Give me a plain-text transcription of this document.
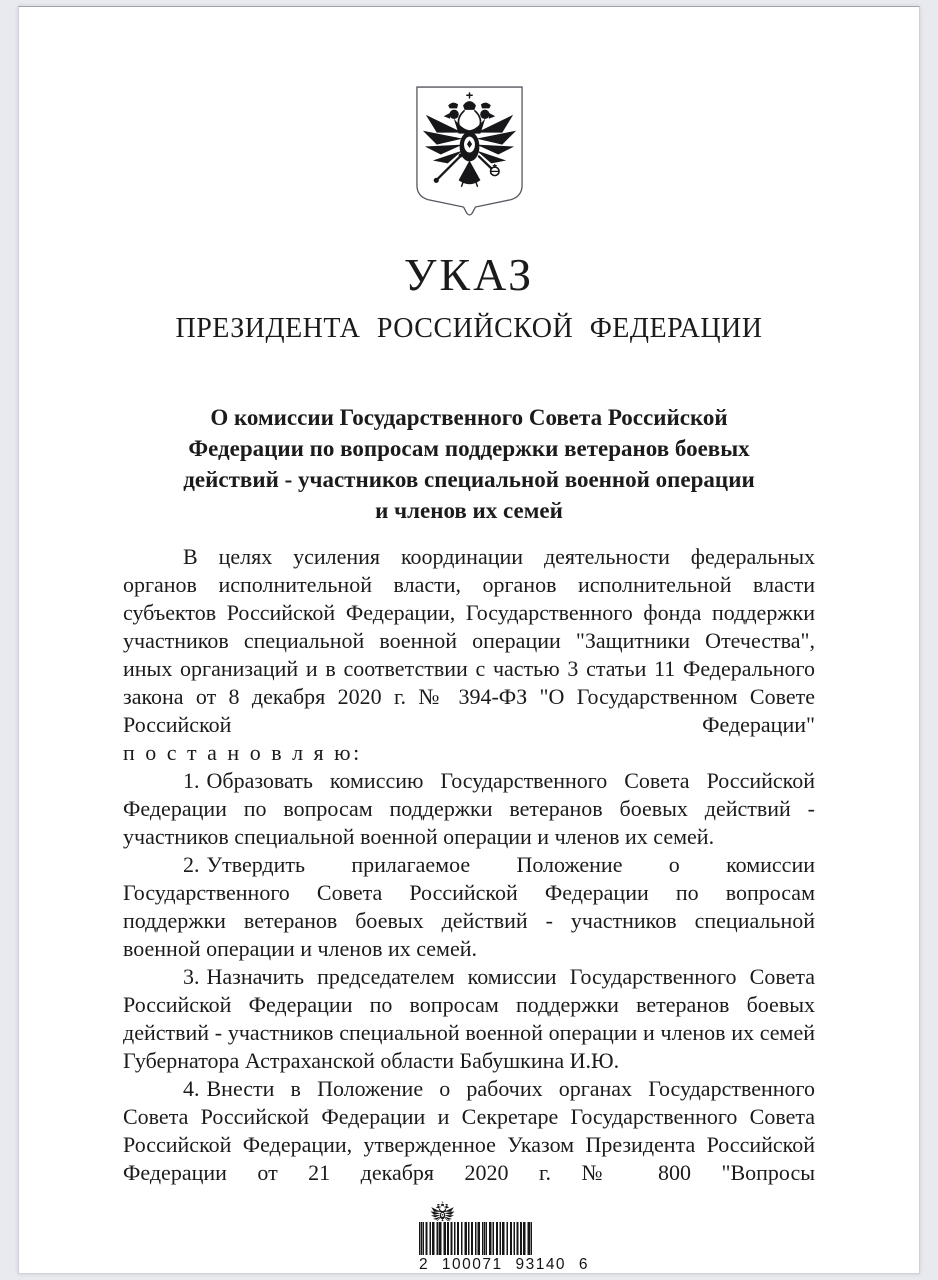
УКАЗ
ПРЕЗИДЕНТА РОССИЙСКОЙ ФЕДЕРАЦИИ
О комиссии Государственного Совета Российской
Федерации по вопросам поддержки ветеранов боевых
действий - участников специальной военной операции
и членов их семей

В целях усиления координации деятельности федеральных органов исполнительной власти, органов исполнительной власти субъектов Российской Федерации, Государственного фонда поддержки участников специальной военной операции "Защитники Отечества", иных организаций и в соответствии с частью 3 статьи 11 Федерального закона от 8 декабря 2020 г. № 394-ФЗ "О Государственном Совете Российской Федерации"

п о с т а н о в л я ю:

1. Образовать комиссию Государственного Совета Российской Федерации по вопросам поддержки ветеранов боевых действий - участников специальной военной операции и членов их семей.

2. Утвердить прилагаемое Положение о комиссии Государственного Совета Российской Федерации по вопросам поддержки ветеранов боевых действий - участников специальной военной операции и членов их семей.

3. Назначить председателем комиссии Государственного Совета Российской Федерации по вопросам поддержки ветеранов боевых действий - участников специальной военной операции и членов их семей Губернатора Астраханской области Бабушкина И.Ю.

4. Внести в Положение о рабочих органах Государственного Совета Российской Федерации и Секретаре Государственного Совета Российской Федерации, утвержденное Указом Президента Российской Федерации от 21 декабря 2020 г. № 800 "Вопросы

2 100071 93140 6
